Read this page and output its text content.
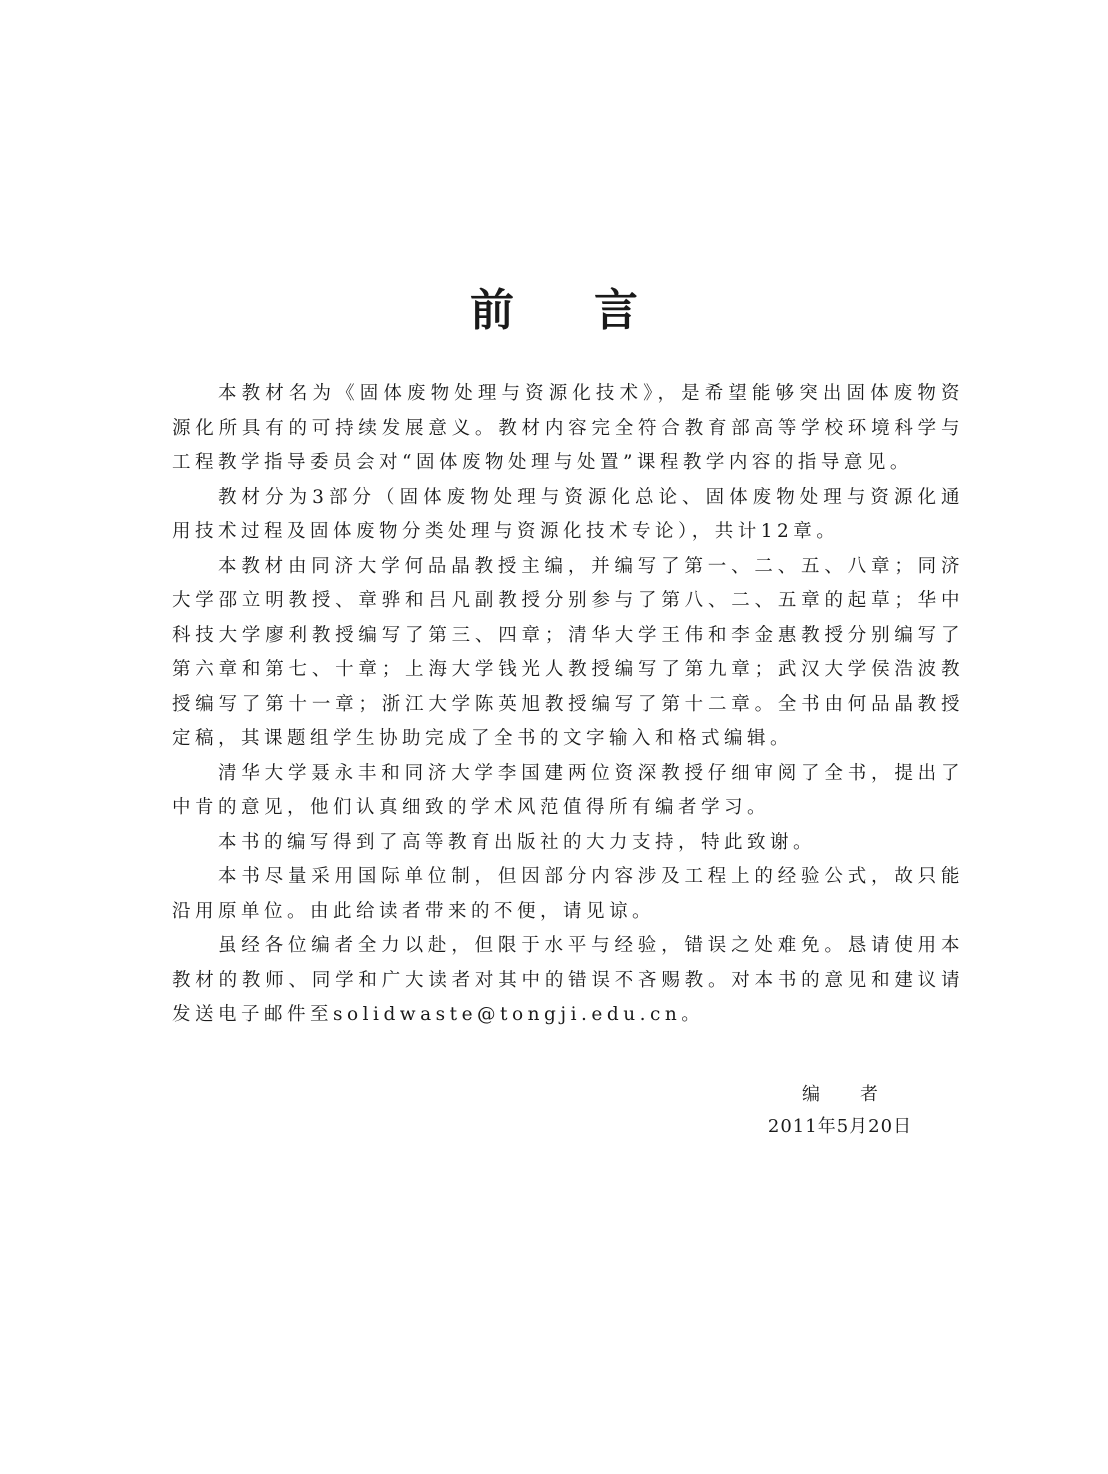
前言

本教材名为《固体废物处理与资源化技术》，是希望能够突出固体废物资源化所具有的可持续发展意义。教材内容完全符合教育部高等学校环境科学与工程教学指导委员会对“固体废物处理与处置”课程教学内容的指导意见。

教材分为3部分（固体废物处理与资源化总论、固体废物处理与资源化通用技术过程及固体废物分类处理与资源化技术专论），共计12章。

本教材由同济大学何品晶教授主编，并编写了第一、二、五、八章；同济大学邵立明教授、章骅和吕凡副教授分别参与了第八、二、五章的起草；华中科技大学廖利教授编写了第三、四章；清华大学王伟和李金惠教授分别编写了第六章和第七、十章；上海大学钱光人教授编写了第九章；武汉大学侯浩波教授编写了第十一章；浙江大学陈英旭教授编写了第十二章。全书由何品晶教授定稿，其课题组学生协助完成了全书的文字输入和格式编辑。

清华大学聂永丰和同济大学李国建两位资深教授仔细审阅了全书，提出了中肯的意见，他们认真细致的学术风范值得所有编者学习。

本书的编写得到了高等教育出版社的大力支持，特此致谢。

本书尽量采用国际单位制，但因部分内容涉及工程上的经验公式，故只能沿用原单位。由此给读者带来的不便，请见谅。

虽经各位编者全力以赴，但限于水平与经验，错误之处难免。恳请使用本教材的教师、同学和广大读者对其中的错误不吝赐教。对本书的意见和建议请发送电子邮件至solidwaste@tongji.edu.cn。

编者
2011年5月20日
